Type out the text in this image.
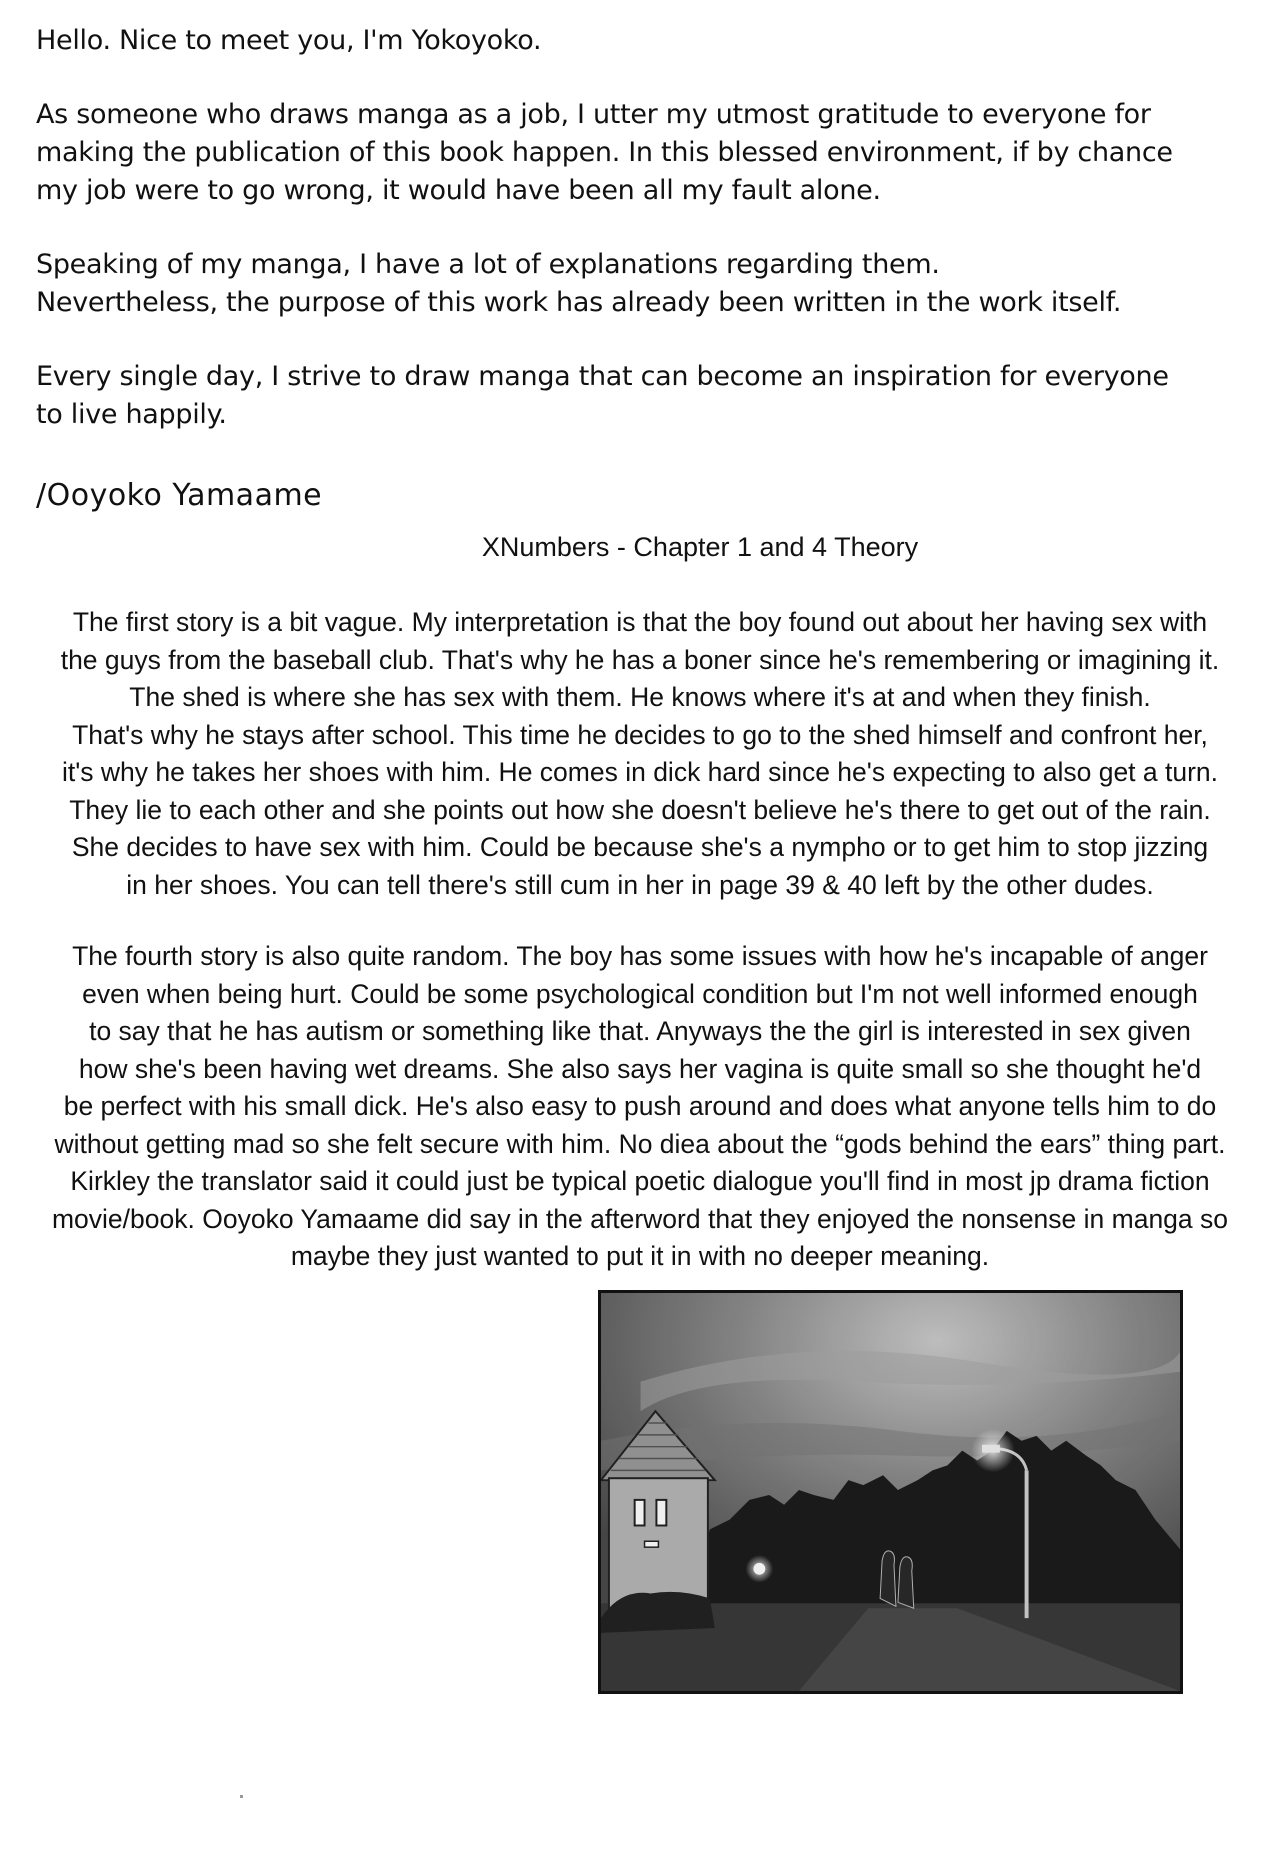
Hello. Nice to meet you, I'm Yokoyoko.

As someone who draws manga as a job, I utter my utmost gratitude to everyone for
making the publication of this book happen. In this blessed environment, if by chance
my job were to go wrong, it would have been all my fault alone.

Speaking of my manga, I have a lot of explanations regarding them.
Nevertheless, the purpose of this work has already been written in the work itself.

Every single day, I strive to draw manga that can become an inspiration for everyone
to live happily.

/Ooyoko Yamaame
XNumbers - Chapter 1 and 4 Theory

The first story is a bit vague. My interpretation is that the boy found out about her having sex with
the guys from the baseball club. That's why he has a boner since he's remembering or imagining it.
The shed is where she has sex with them. He knows where it's at and when they finish.
That's why he stays after school. This time he decides to go to the shed himself and confront her,
it's why he takes her shoes with him. He comes in dick hard since he's expecting to also get a turn.
They lie to each other and she points out how she doesn't believe he's there to get out of the rain.
She decides to have sex with him. Could be because she's a nympho or to get him to stop jizzing
in her shoes. You can tell there's still cum in her in page 39 & 40 left by the other dudes.

The fourth story is also quite random. The boy has some issues with how he's incapable of anger
even when being hurt. Could be some psychological condition but I'm not well informed enough
to say that he has autism or something like that. Anyways the the girl is interested in sex given
how she's been having wet dreams. She also says her vagina is quite small so she thought he'd
be perfect with his small dick. He's also easy to push around and does what anyone tells him to do
without getting mad so she felt secure with him. No diea about the “gods behind the ears” thing part.
Kirkley the translator said it could just be typical poetic dialogue you'll find in most jp drama fiction
movie/book. Ooyoko Yamaame did say in the afterword that they enjoyed the nonsense in manga so
maybe they just wanted to put it in with no deeper meaning.
